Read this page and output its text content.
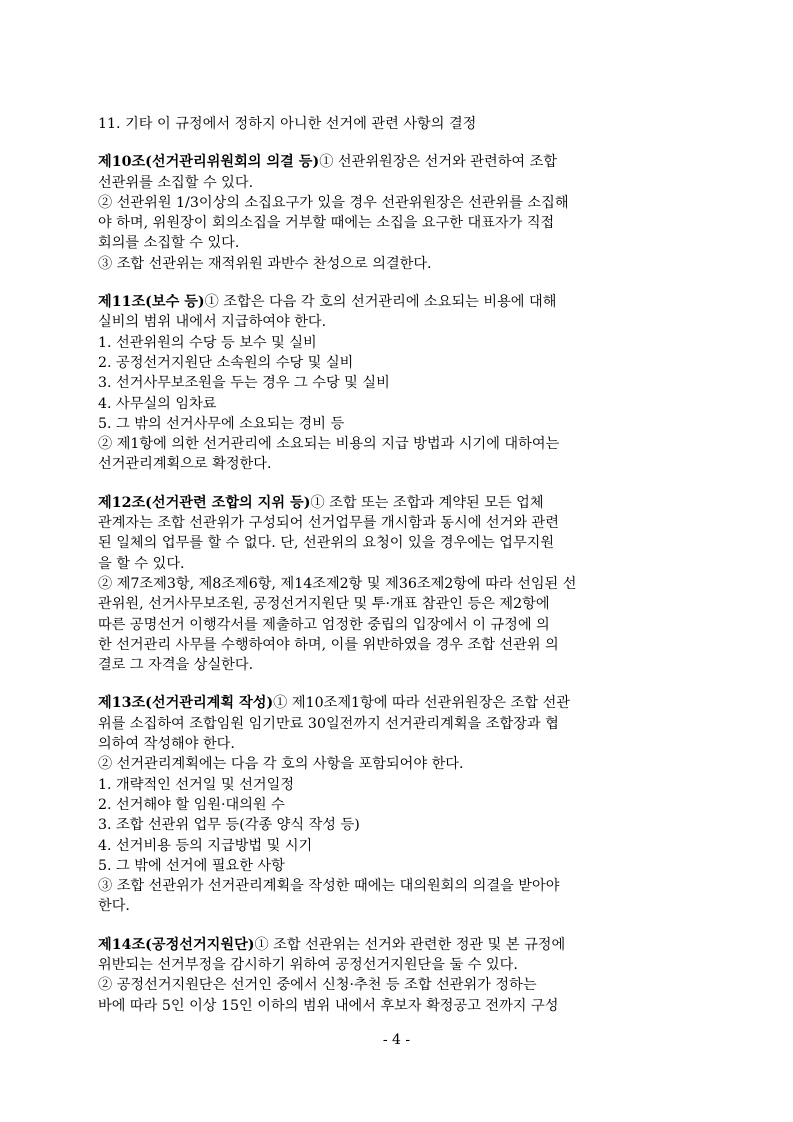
11. 기타 이 규정에서 정하지 아니한 선거에 관련 사항의 결정
제10조(선거관리위원회의 의결 등)① 선관위원장은 선거와 관련하여 조합
선관위를 소집할 수 있다.
② 선관위원 1/3이상의 소집요구가 있을 경우 선관위원장은 선관위를 소집해
야 하며, 위원장이 회의소집을 거부할 때에는 소집을 요구한 대표자가 직접
회의를 소집할 수 있다.
③ 조합 선관위는 재적위원 과반수 찬성으로 의결한다.
제11조(보수 등)① 조합은 다음 각 호의 선거관리에 소요되는 비용에 대해
실비의 범위 내에서 지급하여야 한다.
1. 선관위원의 수당 등 보수 및 실비
2. 공정선거지원단 소속원의 수당 및 실비
3. 선거사무보조원을 두는 경우 그 수당 및 실비
4. 사무실의 임차료
5. 그 밖의 선거사무에 소요되는 경비 등
② 제1항에 의한 선거관리에 소요되는 비용의 지급 방법과 시기에 대하여는
선거관리계획으로 확정한다.
제12조(선거관련 조합의 지위 등)① 조합 또는 조합과 계약된 모든 업체
관계자는 조합 선관위가 구성되어 선거업무를 개시함과 동시에 선거와 관련
된 일체의 업무를 할 수 없다. 단, 선관위의 요청이 있을 경우에는 업무지원
을 할 수 있다.
② 제7조제3항, 제8조제6항, 제14조제2항 및 제36조제2항에 따라 선임된 선
관위원, 선거사무보조원, 공정선거지원단 및 투·개표 참관인 등은 제2항에
따른 공명선거 이행각서를 제출하고 엄정한 중립의 입장에서 이 규정에 의
한 선거관리 사무를 수행하여야 하며, 이를 위반하였을 경우 조합 선관위 의
결로 그 자격을 상실한다.
제13조(선거관리계획 작성)① 제10조제1항에 따라 선관위원장은 조합 선관
위를 소집하여 조합임원 임기만료 30일전까지 선거관리계획을 조합장과 협
의하여 작성해야 한다.
② 선거관리계획에는 다음 각 호의 사항을 포함되어야 한다.
1. 개략적인 선거일 및 선거일정
2. 선거해야 할 임원·대의원 수
3. 조합 선관위 업무 등(각종 양식 작성 등)
4. 선거비용 등의 지급방법 및 시기
5. 그 밖에 선거에 필요한 사항
③ 조합 선관위가 선거관리계획을 작성한 때에는 대의원회의 의결을 받아야
한다.
제14조(공정선거지원단)① 조합 선관위는 선거와 관련한 정관 및 본 규정에
위반되는 선거부정을 감시하기 위하여 공정선거지원단을 둘 수 있다.
② 공정선거지원단은 선거인 중에서 신청·추천 등 조합 선관위가 정하는
바에 따라 5인 이상 15인 이하의 범위 내에서 후보자 확정공고 전까지 구성
- 4 -
